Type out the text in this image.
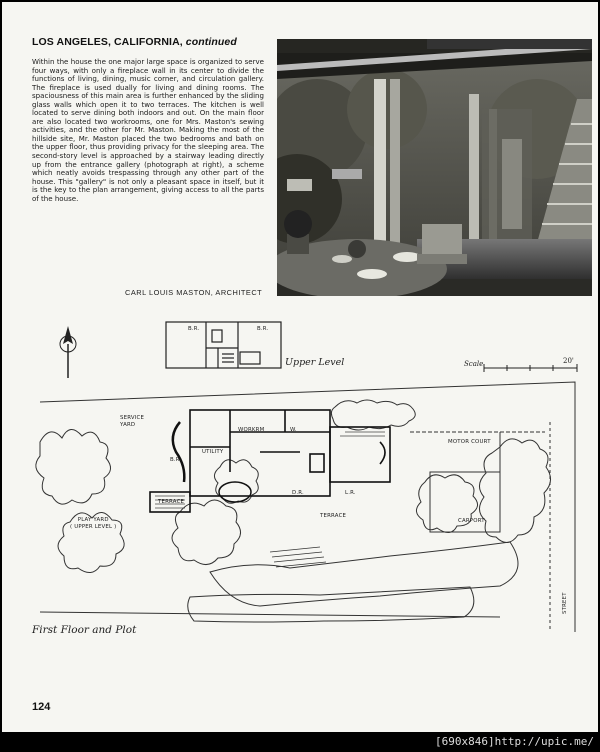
LOS ANGELES, CALIFORNIA, continued
Within the house the one major large space is organized to serve four ways, with only a fireplace wall in its center to divide the functions of living, dining, music corner, and circulation gallery. The fireplace is used dually for living and dining rooms. The spaciousness of this main area is further enhanced by the sliding glass walls which open it to two terraces. The kitchen is well located to serve dining both indoors and out. On the main floor are also located two workrooms, one for Mrs. Maston's sewing activities, and the other for Mr. Maston. Making the most of the hillside site, Mr. Maston placed the two bedrooms and bath on the upper floor, thus providing privacy for the sleeping area. The second-story level is approached by a stairway leading directly up from the entrance gallery (photograph at right), a scheme which neatly avoids trespassing through any other part of the house. This "gallery" is not only a pleasant space in itself, but it is the key to the plan arrangement, giving access to all the parts of the house.
CARL LOUIS MASTON, ARCHITECT
B.R.	B.R.
Upper Level	Scale	20'
SERVICE
YARD
WORKRM	W.
B.R.
UTILITY
D.R.	L.R.
TERRACE
TERRACE
MOTOR COURT
CARPORT
PLAY YARD
( UPPER LEVEL )
STREET
First Floor and Plot
124
[690x846]http://upic.me/
